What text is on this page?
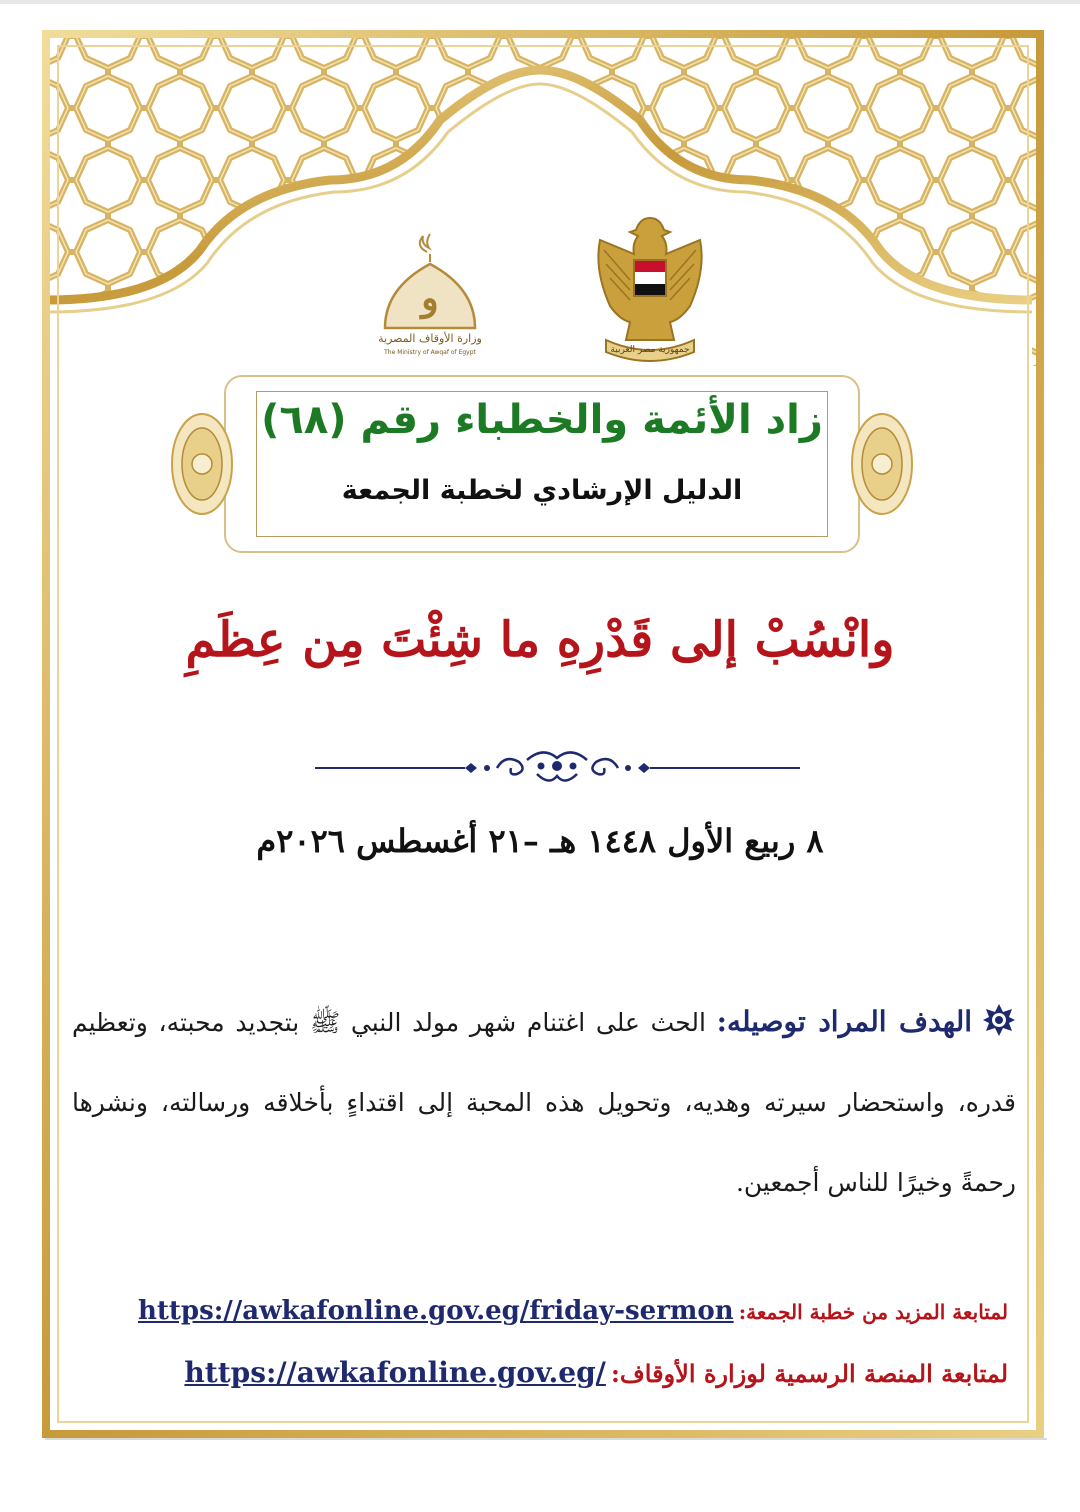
جمهورية مصر العربية
و
وزارة الأوقاف المصرية
The Ministry of Awqaf of Egypt
زاد الأئمة والخطباء رقم (٦٨)
الدليل الإرشادي لخطبة الجمعة
وانْسُبْ إلى قَدْرِهِ ما شِئْتَ مِن عِظَمِ
٨ ربيع الأول ١٤٤٨ هـ –٢١ أغسطس ٢٠٢٦م
الهدف المراد توصيله: الحث على اغتنام شهر مولد النبي ﷺ بتجديد محبته، وتعظيم قدره، واستحضار سيرته وهديه، وتحويل هذه المحبة إلى اقتداءٍ بأخلاقه ورسالته، ونشرها رحمةً وخيرًا للناس أجمعين.
لمتابعة المزيد من خطبة الجمعة: https://awkafonline.gov.eg/friday-sermon
لمتابعة المنصة الرسمية لوزارة الأوقاف: https://awkafonline.gov.eg/
